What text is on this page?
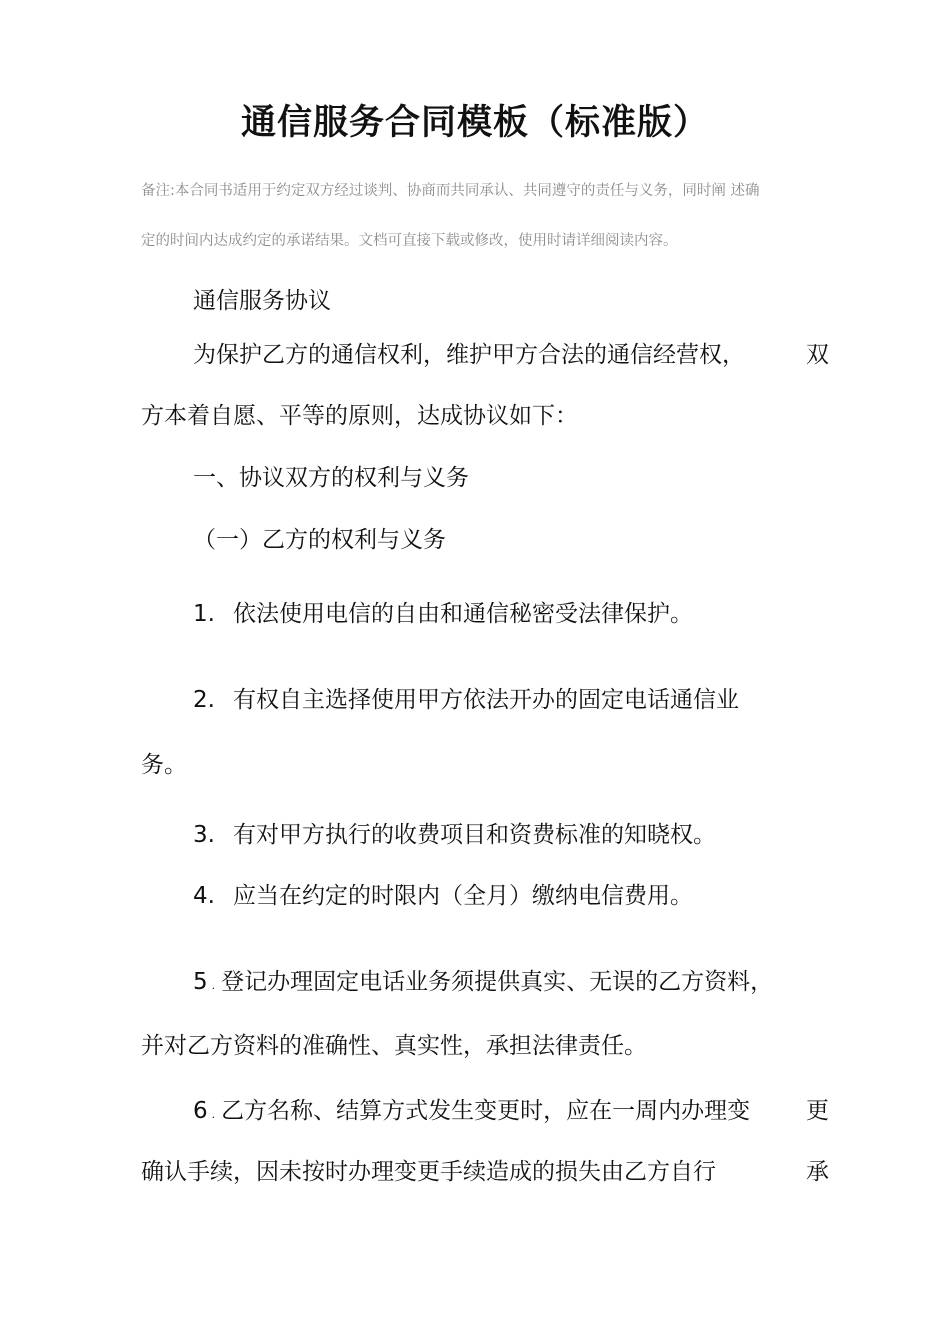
通信服务合同模板（标准版）
备注:本合同书适用于约定双方经过谈判、协商而共同承认、共同遵守的责任与义务，同时阐 述确
定的时间内达成约定的承诺结果。文档可直接下载或修改，使用时请详细阅读内容。
通信服务协议
为保护乙方的通信权利，维护甲方合法的通信经营权，	双
方本着自愿、平等的原则，达成协议如下：
一、协议双方的权利与义务
（一）乙方的权利与义务
1. 依法使用电信的自由和通信秘密受法律保护。
2. 有权自主选择使用甲方依法开办的固定电话通信业
务。
3. 有对甲方执行的收费项目和资费标准的知晓权。
4. 应当在约定的时限内（全月）缴纳电信费用。
5 . 登记办理固定电话业务须提供真实、无误的乙方资料，
并对乙方资料的准确性、真实性，承担法律责任。
6 . 乙方名称、结算方式发生变更时，应在一周内办理变 更
确认手续，因未按时办理变更手续造成的损失由乙方自行	承
